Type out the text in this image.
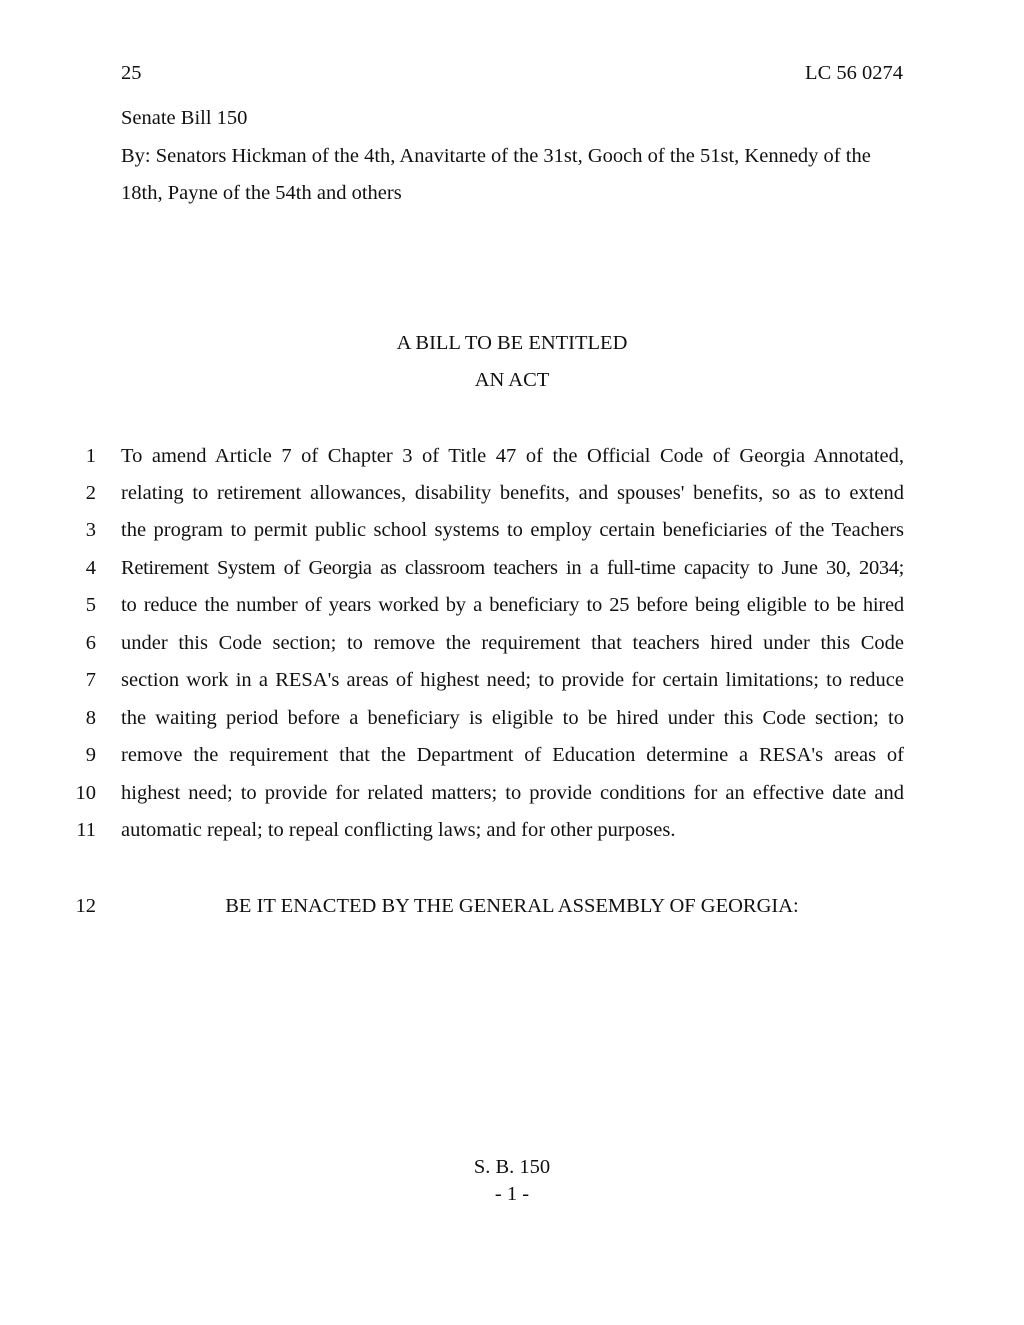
25	LC 56 0274
Senate Bill 150
By: Senators Hickman of the 4th, Anavitarte of the 31st, Gooch of the 51st, Kennedy of the
18th, Payne of the 54th and others
A BILL TO BE ENTITLED
AN ACT
1 To amend Article 7 of Chapter 3 of Title 47 of the Official Code of Georgia Annotated,
2 relating to retirement allowances, disability benefits, and spouses' benefits, so as to extend
3 the program to permit public school systems to employ certain beneficiaries of the Teachers
4 Retirement System of Georgia as classroom teachers in a full-time capacity to June 30, 2034;
5 to reduce the number of years worked by a beneficiary to 25 before being eligible to be hired
6 under this Code section; to remove the requirement that teachers hired under this Code
7 section work in a RESA's areas of highest need; to provide for certain limitations; to reduce
8 the waiting period before a beneficiary is eligible to be hired under this Code section; to
9 remove the requirement that the Department of Education determine a RESA's areas of
10 highest need; to provide for related matters; to provide conditions for an effective date and
11 automatic repeal; to repeal conflicting laws; and for other purposes.
12	BE IT ENACTED BY THE GENERAL ASSEMBLY OF GEORGIA:
S. B. 150
- 1 -
